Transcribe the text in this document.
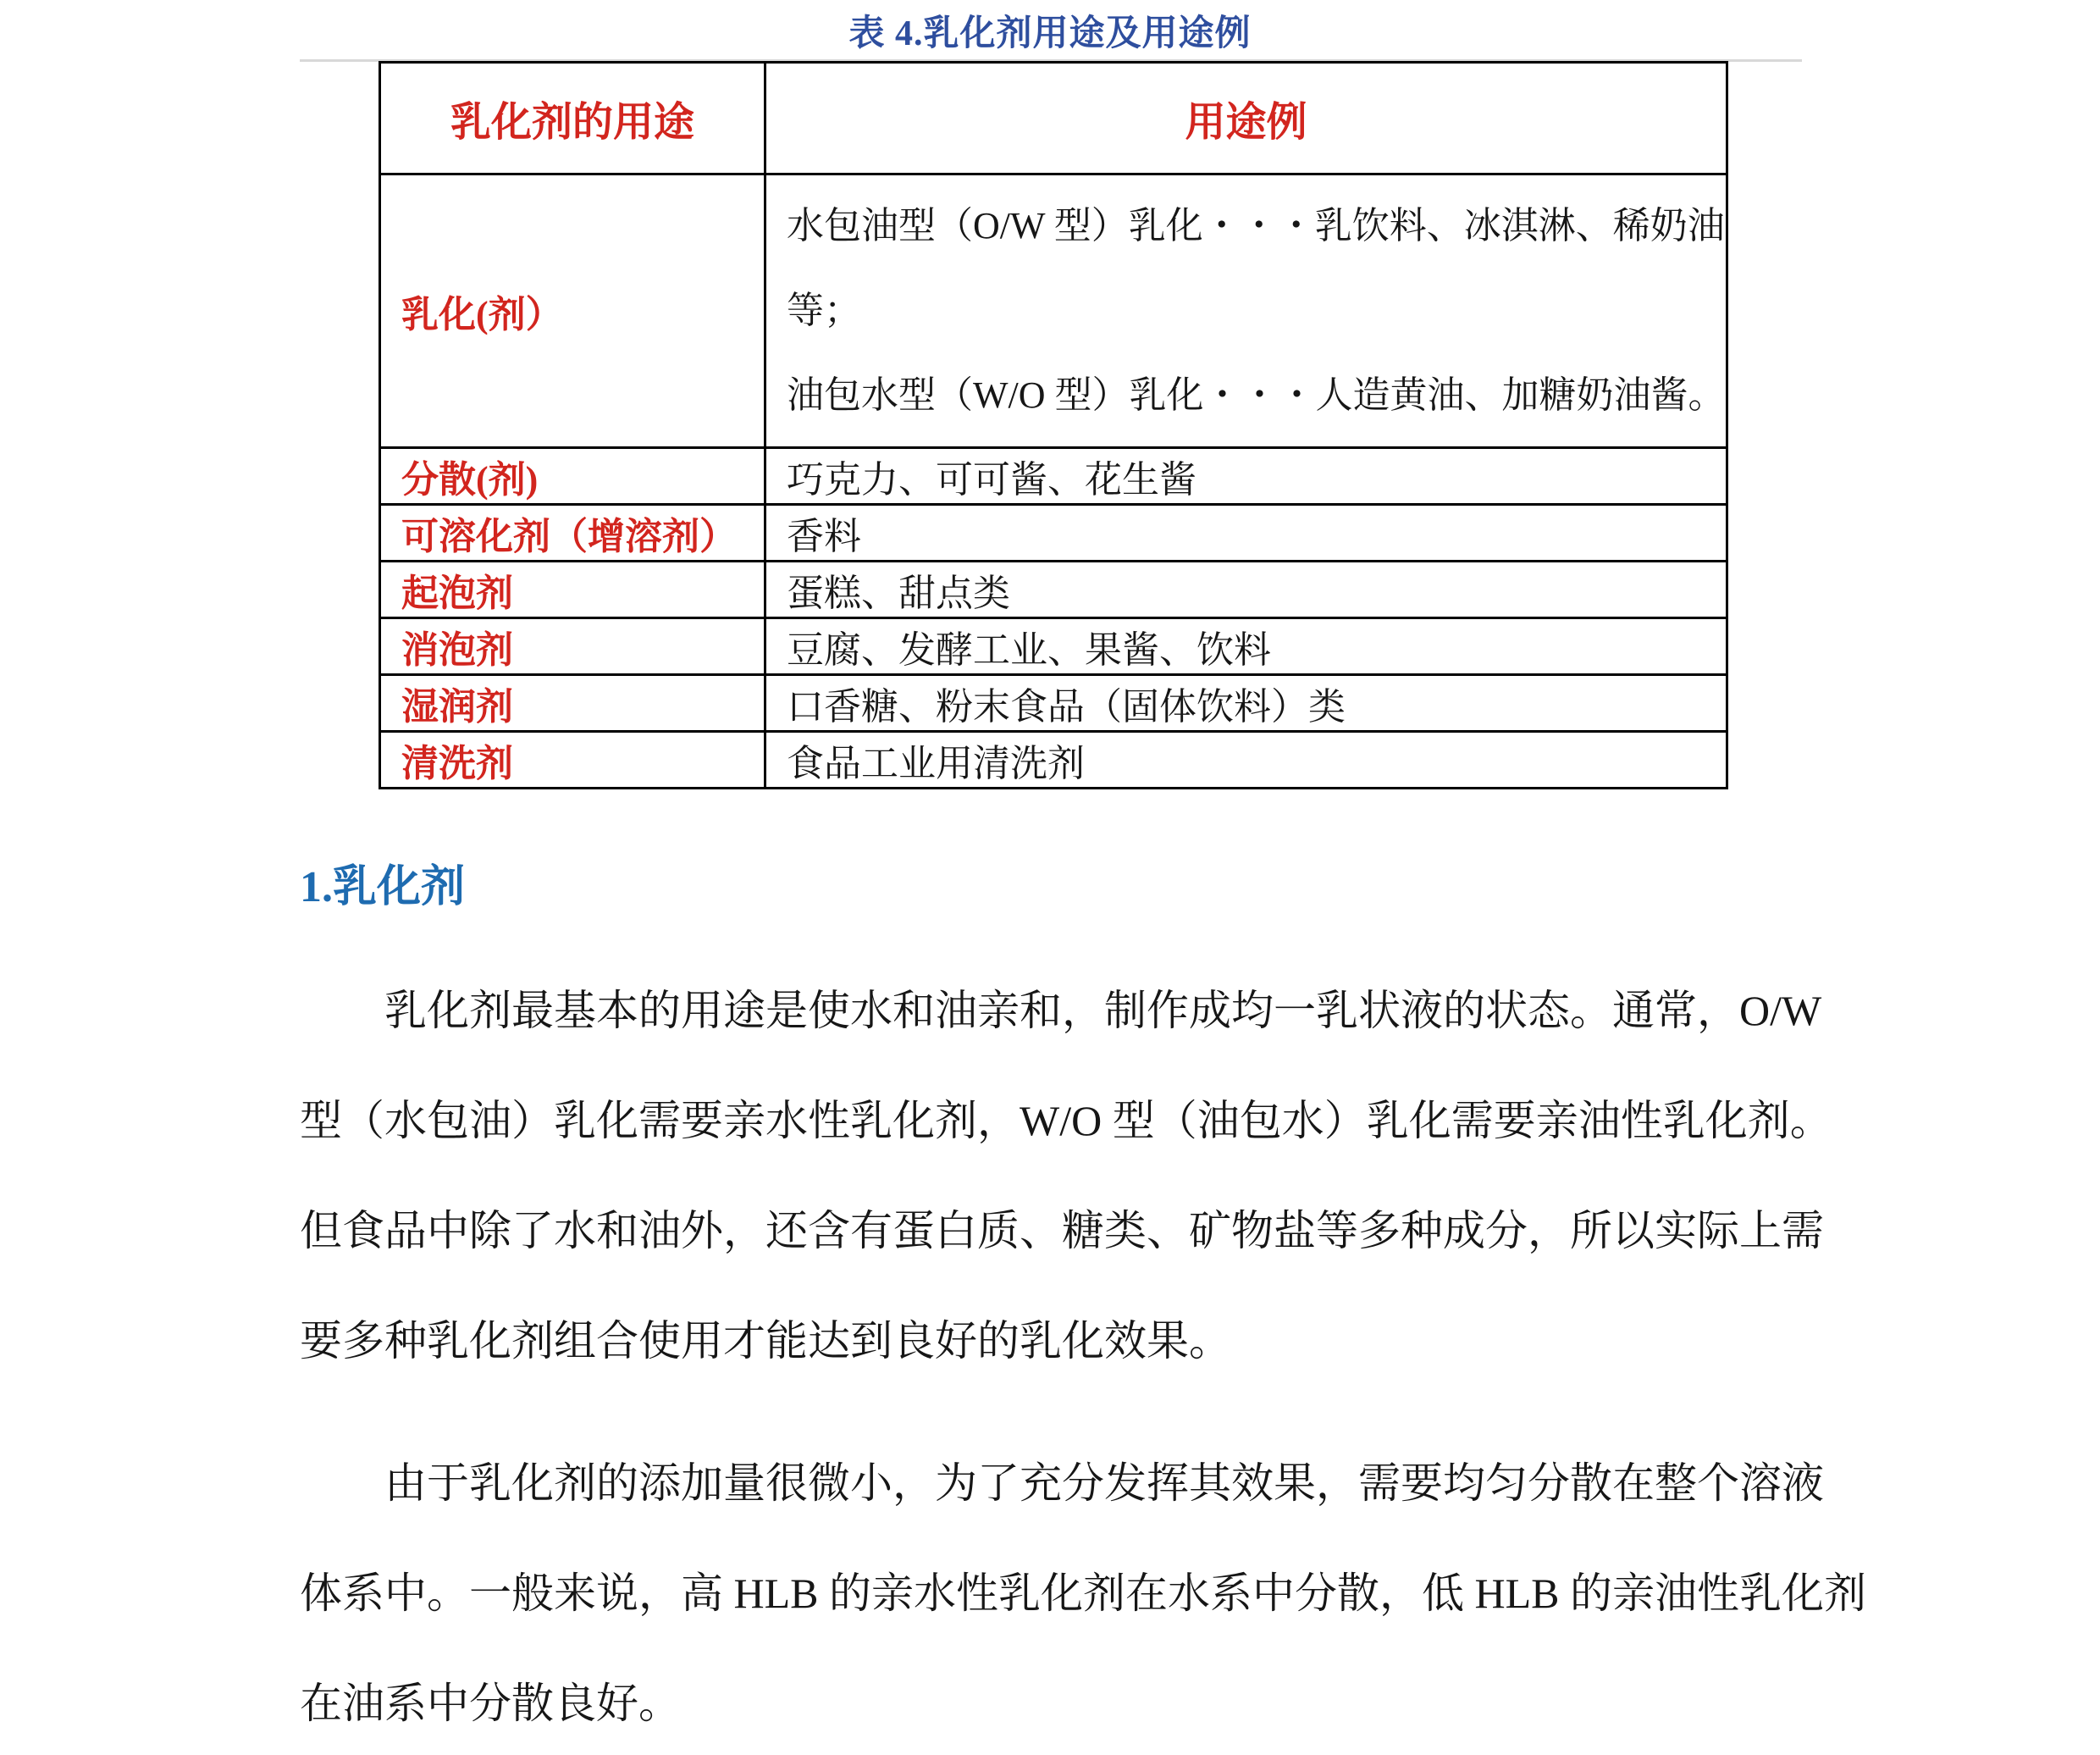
表 4.乳化剂用途及用途例
乳化剂的用途	用途例
乳化(剂）	水包油型（O/W 型）乳化・・・乳饮料、冰淇淋、稀奶油
等；
油包水型（W/O 型）乳化・・・人造黄油、加糖奶油酱。

分散(剂)	巧克力、可可酱、花生酱

可溶化剂（增溶剂）	香料

起泡剂	蛋糕、甜点类

消泡剂	豆腐、发酵工业、果酱、饮料

湿润剂	口香糖、粉末食品（固体饮料）类

清洗剂	食品工业用清洗剂
1.乳化剂
乳化剂最基本的用途是使水和油亲和，制作成均一乳状液的状态。通常，O/W
型（水包油）乳化需要亲水性乳化剂，W/O 型（油包水）乳化需要亲油性乳化剂。
但食品中除了水和油外，还含有蛋白质、糖类、矿物盐等多种成分，所以实际上需
要多种乳化剂组合使用才能达到良好的乳化效果。
由于乳化剂的添加量很微小，为了充分发挥其效果，需要均匀分散在整个溶液
体系中。一般来说，高 HLB 的亲水性乳化剂在水系中分散，低 HLB 的亲油性乳化剂
在油系中分散良好。
